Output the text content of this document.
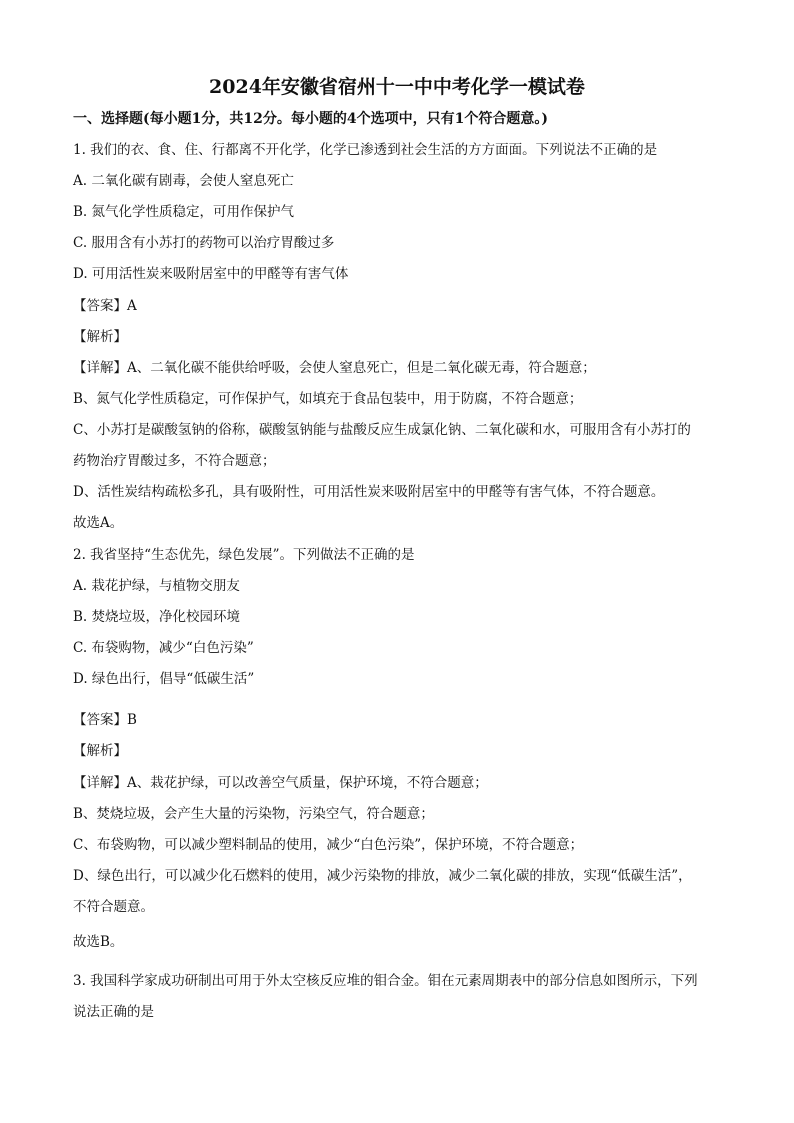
2024年安徽省宿州十一中中考化学一模试卷
一、选择题(每小题1分，共12分。每小题的4个选项中，只有1个符合题意。)
1. 我们的衣、食、住、行都离不开化学，化学已渗透到社会生活的方方面面。下列说法不正确的是
A. 二氧化碳有剧毒，会使人窒息死亡
B. 氮气化学性质稳定，可用作保护气
C. 服用含有小苏打的药物可以治疗胃酸过多
D. 可用活性炭来吸附居室中的甲醛等有害气体
【答案】A
【解析】
【详解】A、二氧化碳不能供给呼吸，会使人窒息死亡，但是二氧化碳无毒，符合题意；
B、氮气化学性质稳定，可作保护气，如填充于食品包装中，用于防腐，不符合题意；
C、小苏打是碳酸氢钠的俗称，碳酸氢钠能与盐酸反应生成氯化钠、二氧化碳和水，可服用含有小苏打的
药物治疗胃酸过多，不符合题意；
D、活性炭结构疏松多孔，具有吸附性，可用活性炭来吸附居室中的甲醛等有害气体，不符合题意。
故选A。
2. 我省坚持“生态优先，绿色发展”。下列做法不正确的是
A. 栽花护绿，与植物交朋友
B. 焚烧垃圾，净化校园环境
C. 布袋购物，减少“白色污染”
D. 绿色出行，倡导“低碳生活”
【答案】B
【解析】
【详解】A、栽花护绿，可以改善空气质量，保护环境，不符合题意；
B、焚烧垃圾，会产生大量的污染物，污染空气，符合题意；
C、布袋购物，可以减少塑料制品的使用，减少“白色污染”，保护环境，不符合题意；
D、绿色出行，可以减少化石燃料的使用，减少污染物的排放，减少二氧化碳的排放，实现“低碳生活”，
不符合题意。
故选B。
3. 我国科学家成功研制出可用于外太空核反应堆的钼合金。钼在元素周期表中的部分信息如图所示，下列
说法正确的是
